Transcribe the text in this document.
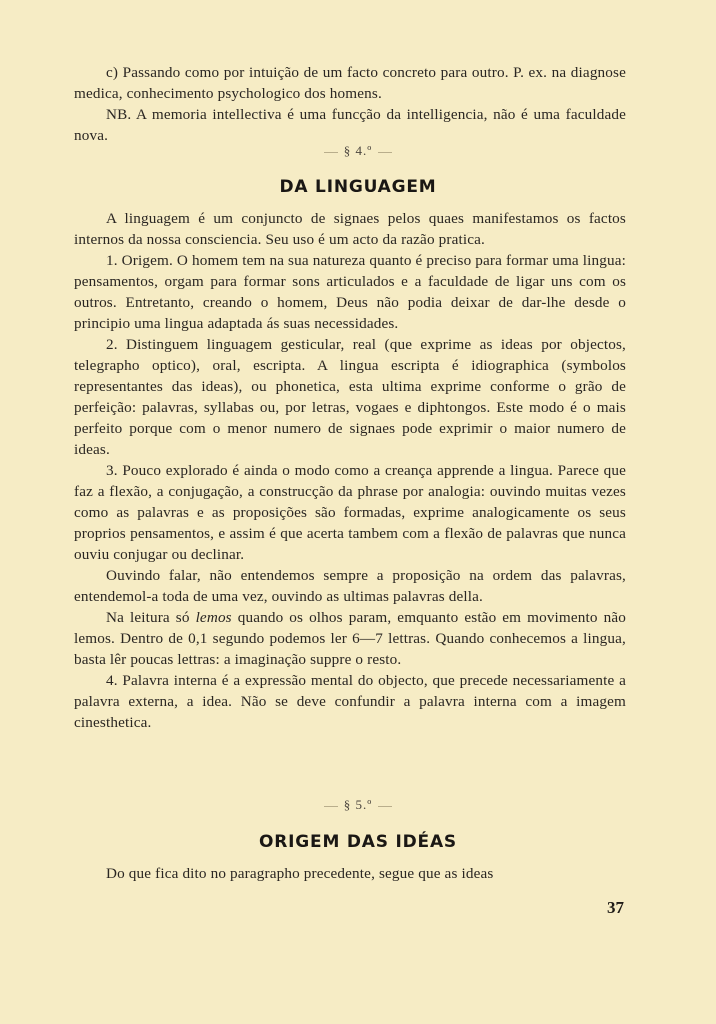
c) Passando como por intuição de um facto concreto para outro. P. ex. na diagnose medica, conhecimento psychologico dos homens.

NB. A memoria intellectiva é uma funcção da intelligencia, não é uma faculdade nova.

§ 4.º
DA LINGUAGEM

A linguagem é um conjuncto de signaes pelos quaes manifestamos os factos internos da nossa consciencia. Seu uso é um acto da razão pratica.

1. Origem. O homem tem na sua natureza quanto é preciso para formar uma lingua: pensamentos, orgam para formar sons articulados e a faculdade de ligar uns com os outros. Entretanto, creando o homem, Deus não podia deixar de dar-lhe desde o principio uma lingua adaptada ás suas necessidades.

2. Distinguem linguagem gesticular, real (que exprime as ideas por objectos, telegrapho optico), oral, escripta. A lingua escripta é idiographica (symbolos representantes das ideas), ou phonetica, esta ultima exprime conforme o grão de perfeição: palavras, syllabas ou, por letras, vogaes e diphtongos. Este modo é o mais perfeito porque com o menor numero de signaes pode exprimir o maior numero de ideas.

3. Pouco explorado é ainda o modo como a creança apprende a lingua. Parece que faz a flexão, a conjugação, a construcção da phrase por analogia: ouvindo muitas vezes como as palavras e as proposições são formadas, exprime analogicamente os seus proprios pensamentos, e assim é que acerta tambem com a flexão de palavras que nunca ouviu conjugar ou declinar.

Ouvindo falar, não entendemos sempre a proposição na ordem das palavras, entendemol-a toda de uma vez, ouvindo as ultimas palavras della.

Na leitura só lemos quando os olhos param, emquanto estão em movimento não lemos. Dentro de 0,1 segundo podemos ler 6—7 lettras. Quando conhecemos a lingua, basta lêr poucas lettras: a imaginação suppre o resto.

4. Palavra interna é a expressão mental do objecto, que precede necessariamente a palavra externa, a idea. Não se deve confundir a palavra interna com a imagem cinesthetica.

§ 5.º
ORIGEM DAS IDÉAS

Do que fica dito no paragrapho precedente, segue que as ideas

37
